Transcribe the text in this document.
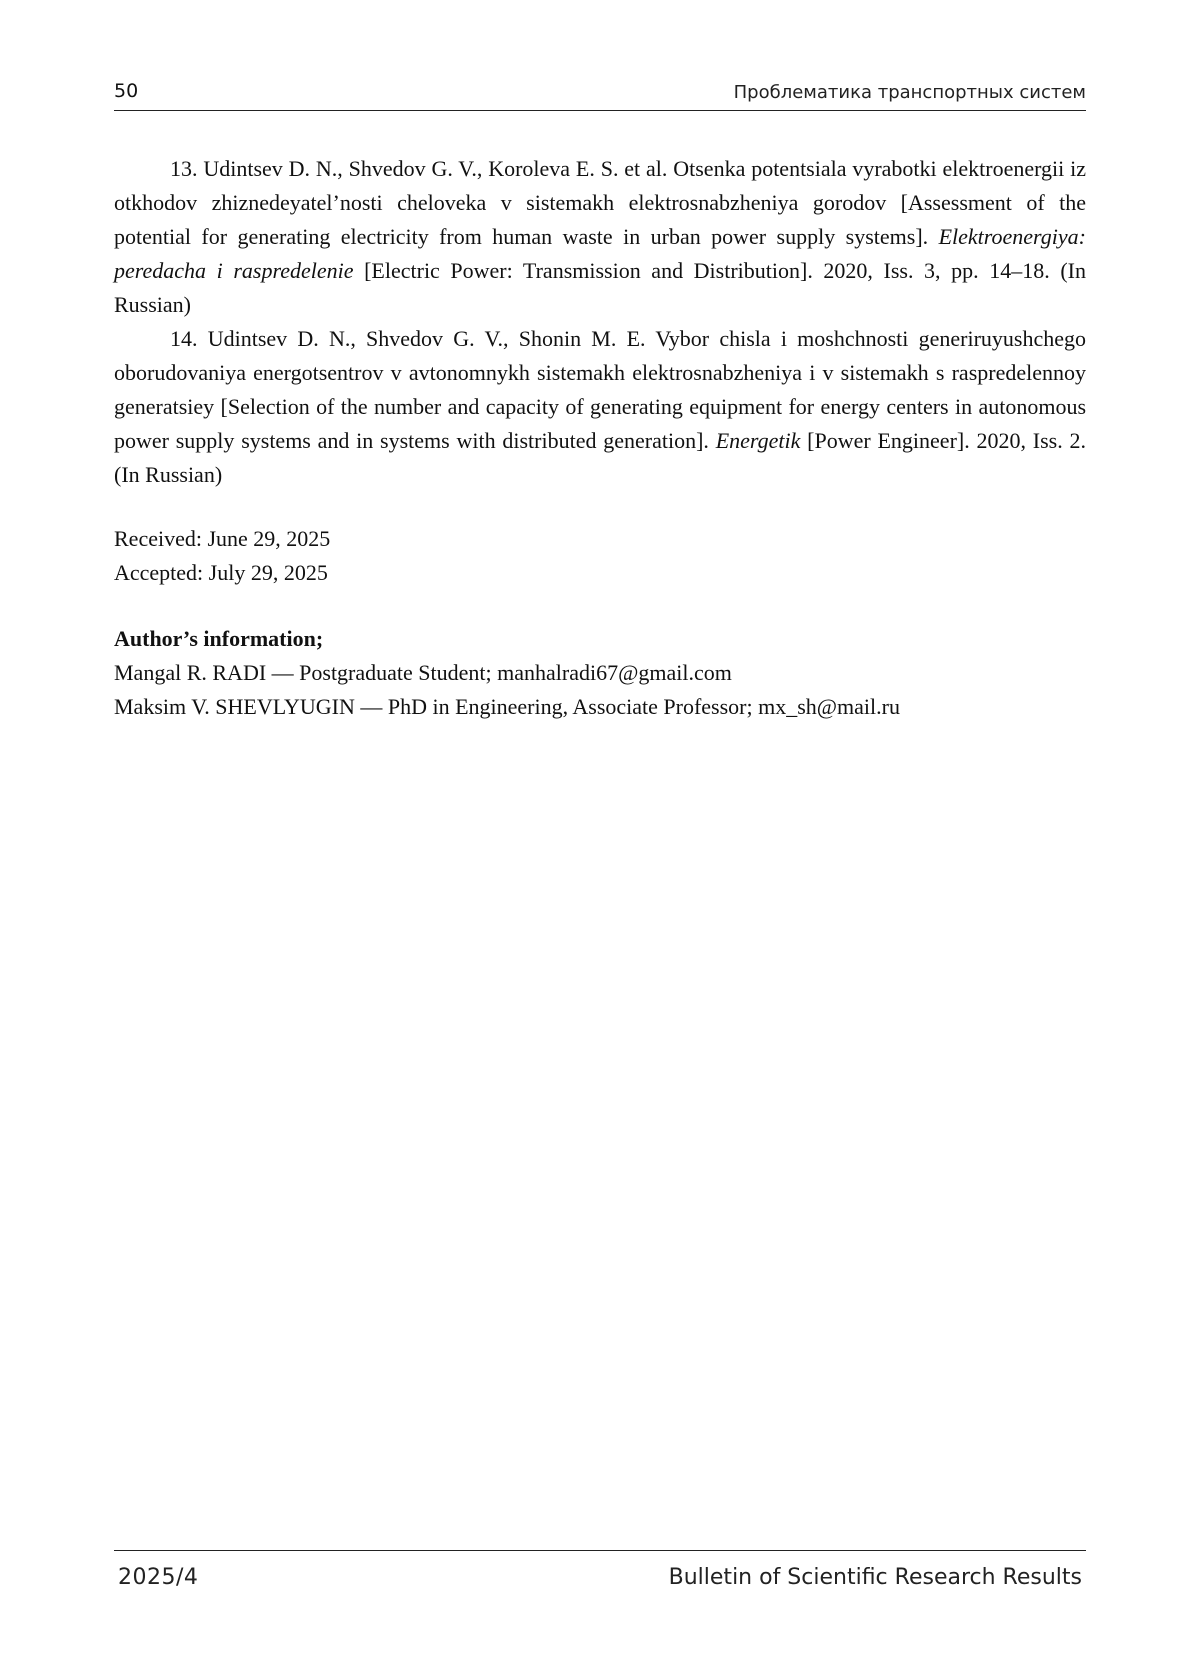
50	Проблематика транспортных систем

13. Udintsev D. N., Shvedov G. V., Koroleva E. S. et al. Otsenka potentsiala vyrabotki elektroenergii iz otkhodov zhiznedeyatel’nosti cheloveka v sistemakh elektrosnabzheniya gorodov [Assessment of the potential for generating electricity from human waste in urban power supply systems]. Elektroenergiya: peredacha i raspredelenie [Electric Power: Transmission and Distribution]. 2020, Iss. 3, pp. 14–18. (In Russian)

14. Udintsev D. N., Shvedov G. V., Shonin M. E. Vybor chisla i moshchnosti generiruyushchego oborudovaniya energotsentrov v avtonomnykh sistemakh elektrosnabzheniya i v sistemakh s raspredelennoy generatsiey [Selection of the number and capacity of generating equipment for energy centers in autonomous power supply systems and in systems with distributed generation]. Energetik [Power Engineer]. 2020, Iss. 2. (In Russian)

Received: June 29, 2025
Accepted: July 29, 2025
Author’s information;
Mangal R. RADI — Postgraduate Student; manhalradi67@gmail.com
Maksim V. SHEVLYUGIN — PhD in Engineering, Associate Professor; mx_sh@mail.ru
2025/4	Bulletin of Scientific Research Results
